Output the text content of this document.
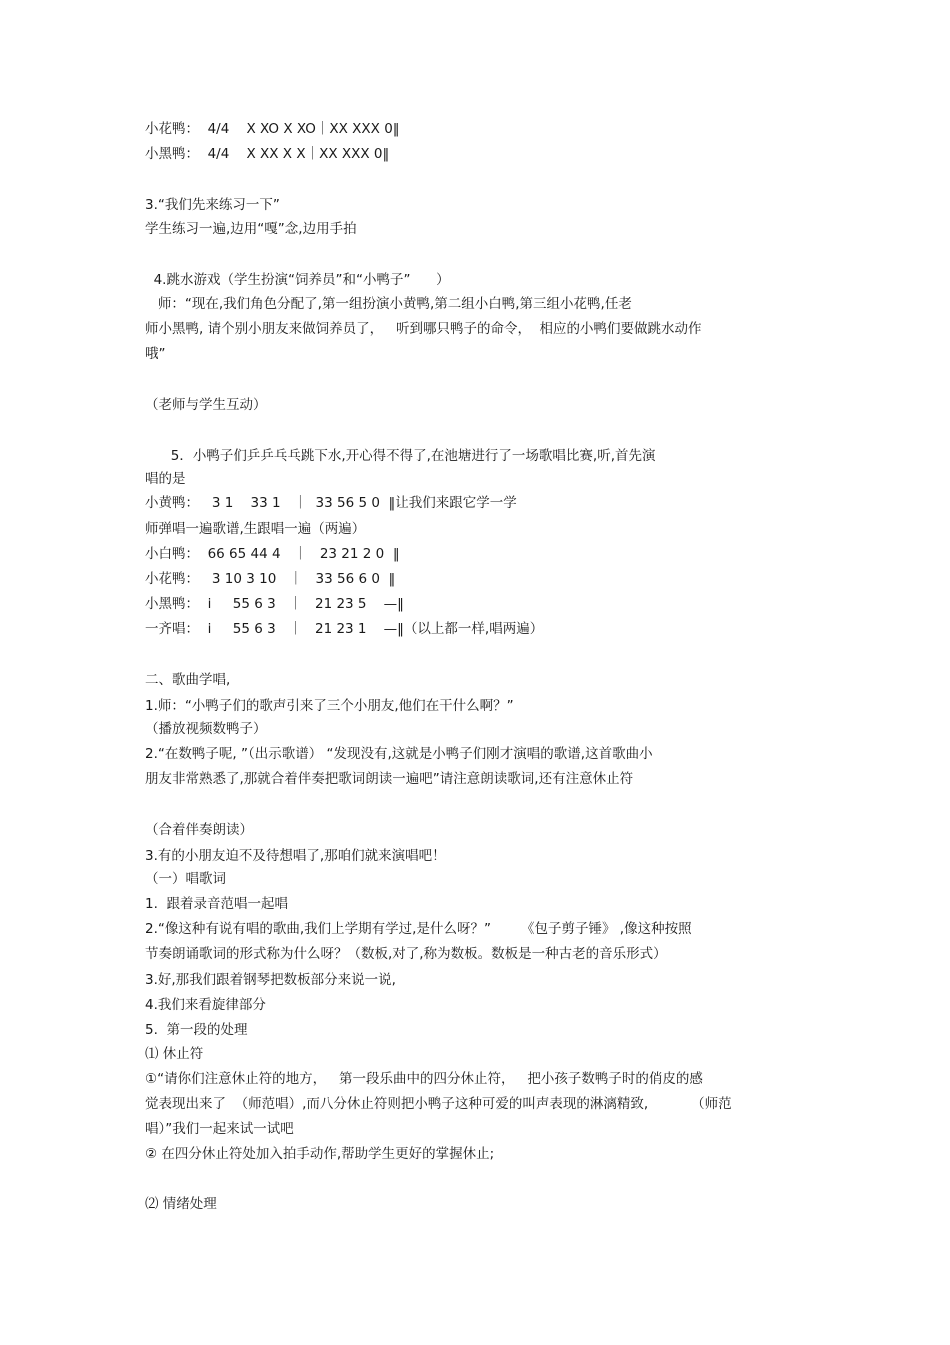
小花鸭：  4/4    X XO X XO｜XX XXX 0‖
小黑鸭：  4/4    X XX X X｜XX XXX 0‖
3.“我们先来练习一下”
学生练习一遍,边用“嘎”念,边用手拍
4.跳水游戏（学生扮演“饲养员”和“小鸭子”      ）
师：“现在,我们角色分配了,第一组扮演小黄鸭,第二组小白鸭,第三组小花鸭,任老
师小黑鸭, 请个别小朋友来做饲养员了，   听到哪只鸭子的命令，  相应的小鸭们要做跳水动作
哦”
（老师与学生互动）
5．小鸭子们乒乒乓乓跳下水,开心得不得了,在池塘进行了一场歌唱比赛,听,首先演
唱的是
小黄鸭：   3 1    33 1   ｜  33 56 5 0  ‖让我们来跟它学一学
师弹唱一遍歌谱,生跟唱一遍（两遍）
小白鸭：  66 65 44 4   ｜   23 21 2 0  ‖
小花鸭：   3 10 3 10   ｜   33 56 6 0  ‖
小黑鸭：  i     55 6 3   ｜   21 23 5    —‖
一齐唱：  i     55 6 3   ｜   21 23 1    —‖（以上都一样,唱两遍）
二、歌曲学唱,
1.师：“小鸭子们的歌声引来了三个小朋友,他们在干什么啊？”
（播放视频数鸭子）
2.“在数鸭子呢, ”（出示歌谱） “发现没有,这就是小鸭子们刚才演唱的歌谱,这首歌曲小
朋友非常熟悉了,那就合着伴奏把歌词朗读一遍吧”请注意朗读歌词,还有注意休止符
（合着伴奏朗读）
3.有的小朋友迫不及待想唱了,那咱们就来演唱吧！
（一）唱歌词
1.  跟着录音范唱一起唱
2.“像这种有说有唱的歌曲,我们上学期有学过,是什么呀？”       《包子剪子锤》 ,像这种按照
节奏朗诵歌词的形式称为什么呀？（数板,对了,称为数板。数板是一种古老的音乐形式）
3.好,那我们跟着钢琴把数板部分来说一说,
4.我们来看旋律部分
5.  第一段的处理
⑴ 休止符
①“请你们注意休止符的地方，   第一段乐曲中的四分休止符，   把小孩子数鸭子时的俏皮的感
觉表现出来了  （师范唱）,而八分休止符则把小鸭子这种可爱的叫声表现的淋漓精致,          （师范
唱）”我们一起来试一试吧
② 在四分休止符处加入拍手动作,帮助学生更好的掌握休止;
⑵ 情绪处理
